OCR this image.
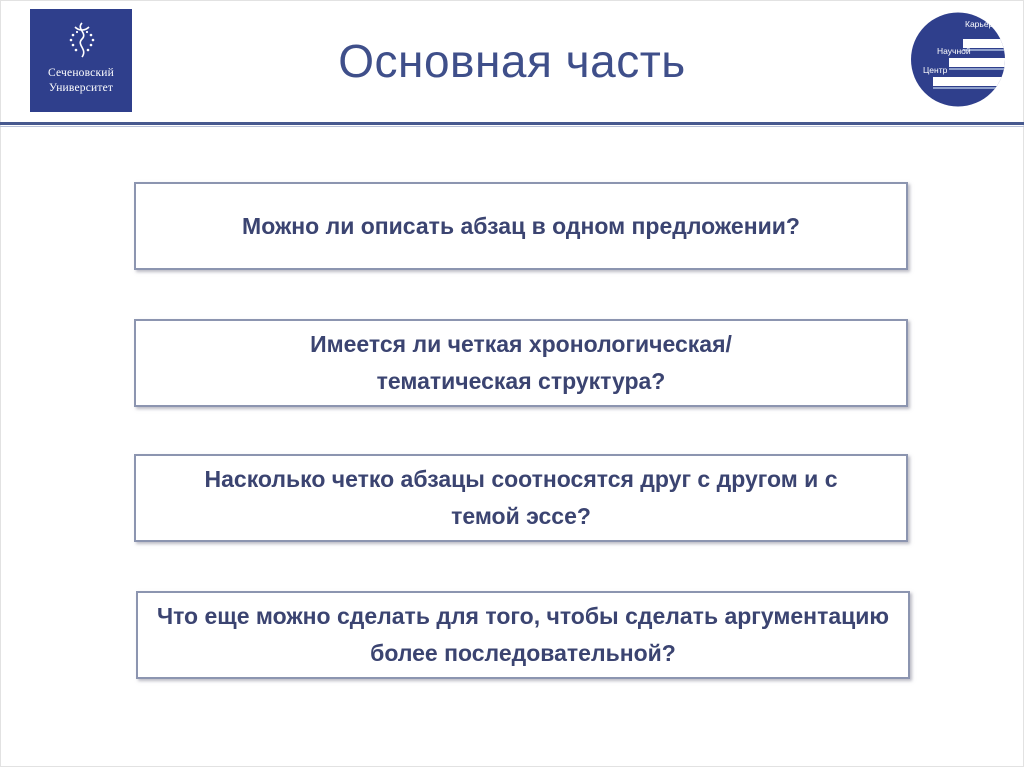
Сеченовский
Университет
Основная часть
Карьеры
Научной
Центр
Можно ли описать абзац в одном предложении?
Имеется ли четкая хронологическая/тематическая структура?
Насколько четко абзацы соотносятся друг с другом и с темой эссе?
Что еще можно сделать для того, чтобы сделать аргументацию более последовательной?
